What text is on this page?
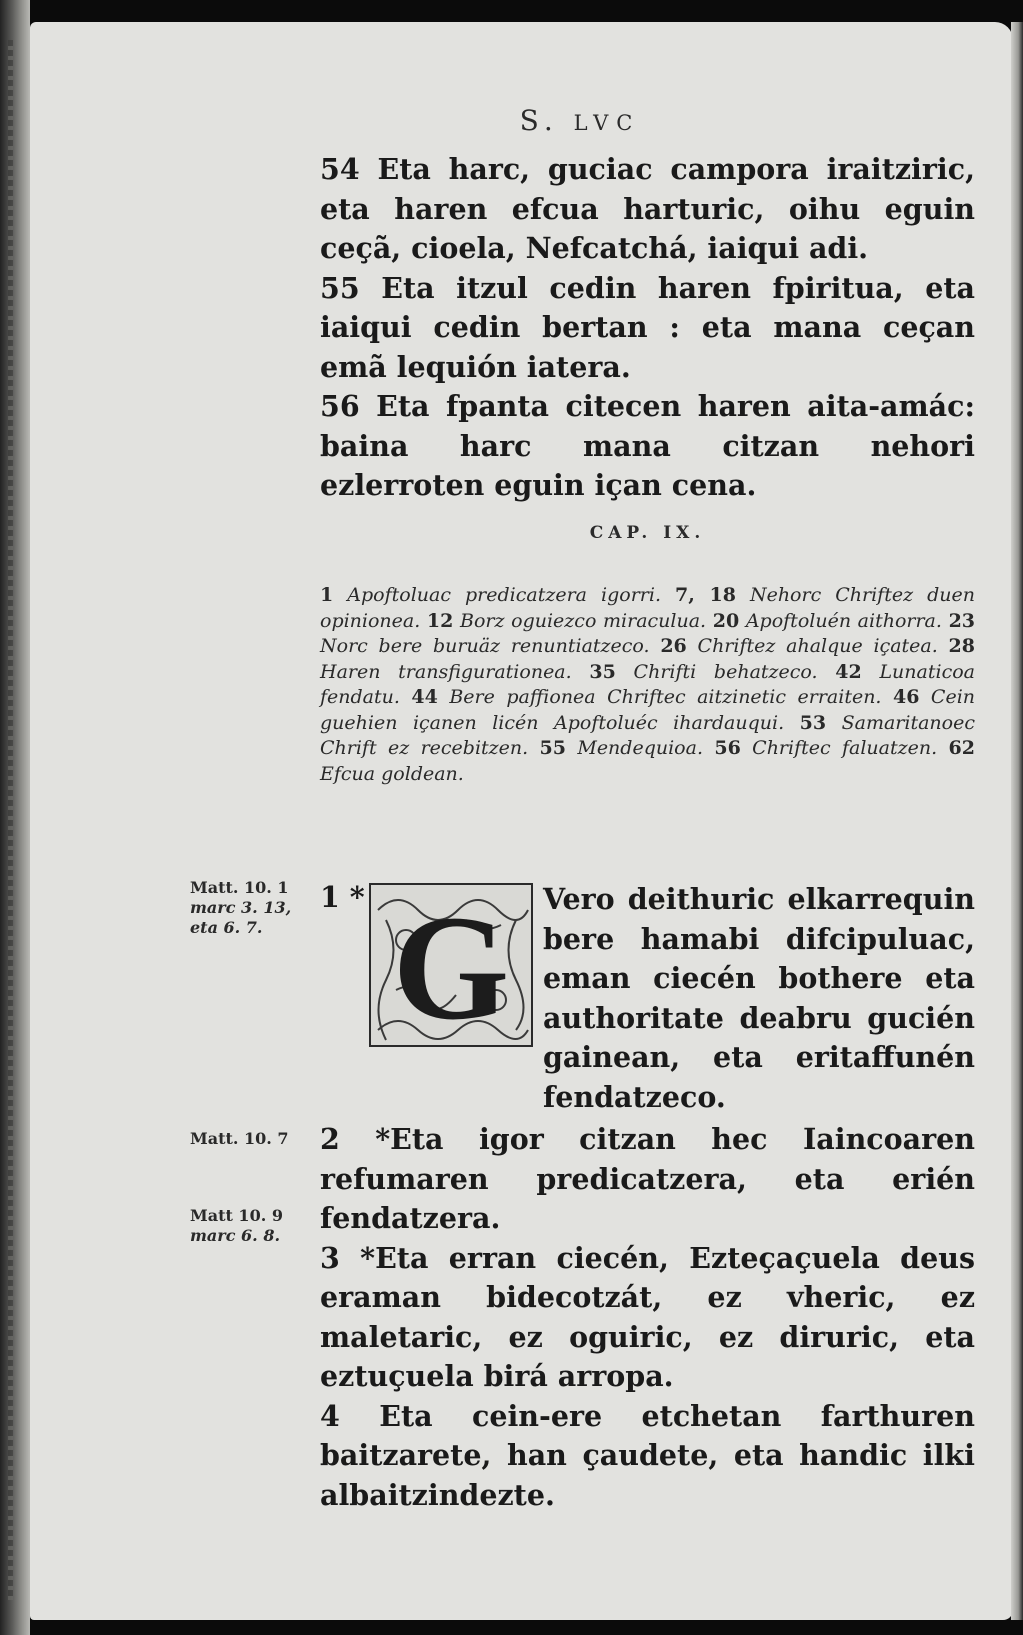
S. LVC

54 Eta harc, guciac campora iraitziric, eta haren efcua harturic, oihu eguin ceçã, cioela, Nefcatchá, iaiqui adi.

55 Eta itzul cedin haren fpiritua, eta iaiqui cedin bertan : eta mana ceçan emã lequión iatera.

56 Eta fpanta citecen haren aita-amác: baina harc mana citzan nehori ezlerroten eguin içan cena.

CAP. IX.
1 Apoftoluac predicatzera igorri. 7, 18 Nehorc Chriftez duen opinionea. 12 Borz oguiezco miraculua. 20 Apoftoluén aithorra. 23 Norc bere buruäz renuntiatzeco. 26 Chriftez ahalque içatea. 28 Haren transfigurationea. 35 Chrifti behatzeco. 42 Lunaticoa fendatu. 44 Bere paffionea Chriftec aitzinetic erraiten. 46 Cein guehien içanen licén Apoftoluéc ihardauqui. 53 Samaritanoec Chrift ez recebitzen. 55 Mendequioa. 56 Chriftec faluatzen. 62 Efcua goldean.
Matt. 10. 1
marc 3. 13,
eta 6. 7.
1 * G Vero deithuric elkarrequin bere hamabi difcipuluac, eman ciecén bothere eta authoritate deabru gucién gainean, eta eritaffunén fendatzeco.
Matt. 10. 7
Matt 10. 9
marc 6. 8.

2 *Eta igor citzan hec Iaincoaren refumaren predicatzera, eta erién fendatzera.

3 *Eta erran ciecén, Ezteçaçuela deus eraman bidecotzát, ez vheric, ez maletaric, ez oguiric, ez diruric, eta eztuçuela birá arropa.

4 Eta cein-ere etchetan farthuren baitzarete, han çaudete, eta handic ilki albaitzindezte.
